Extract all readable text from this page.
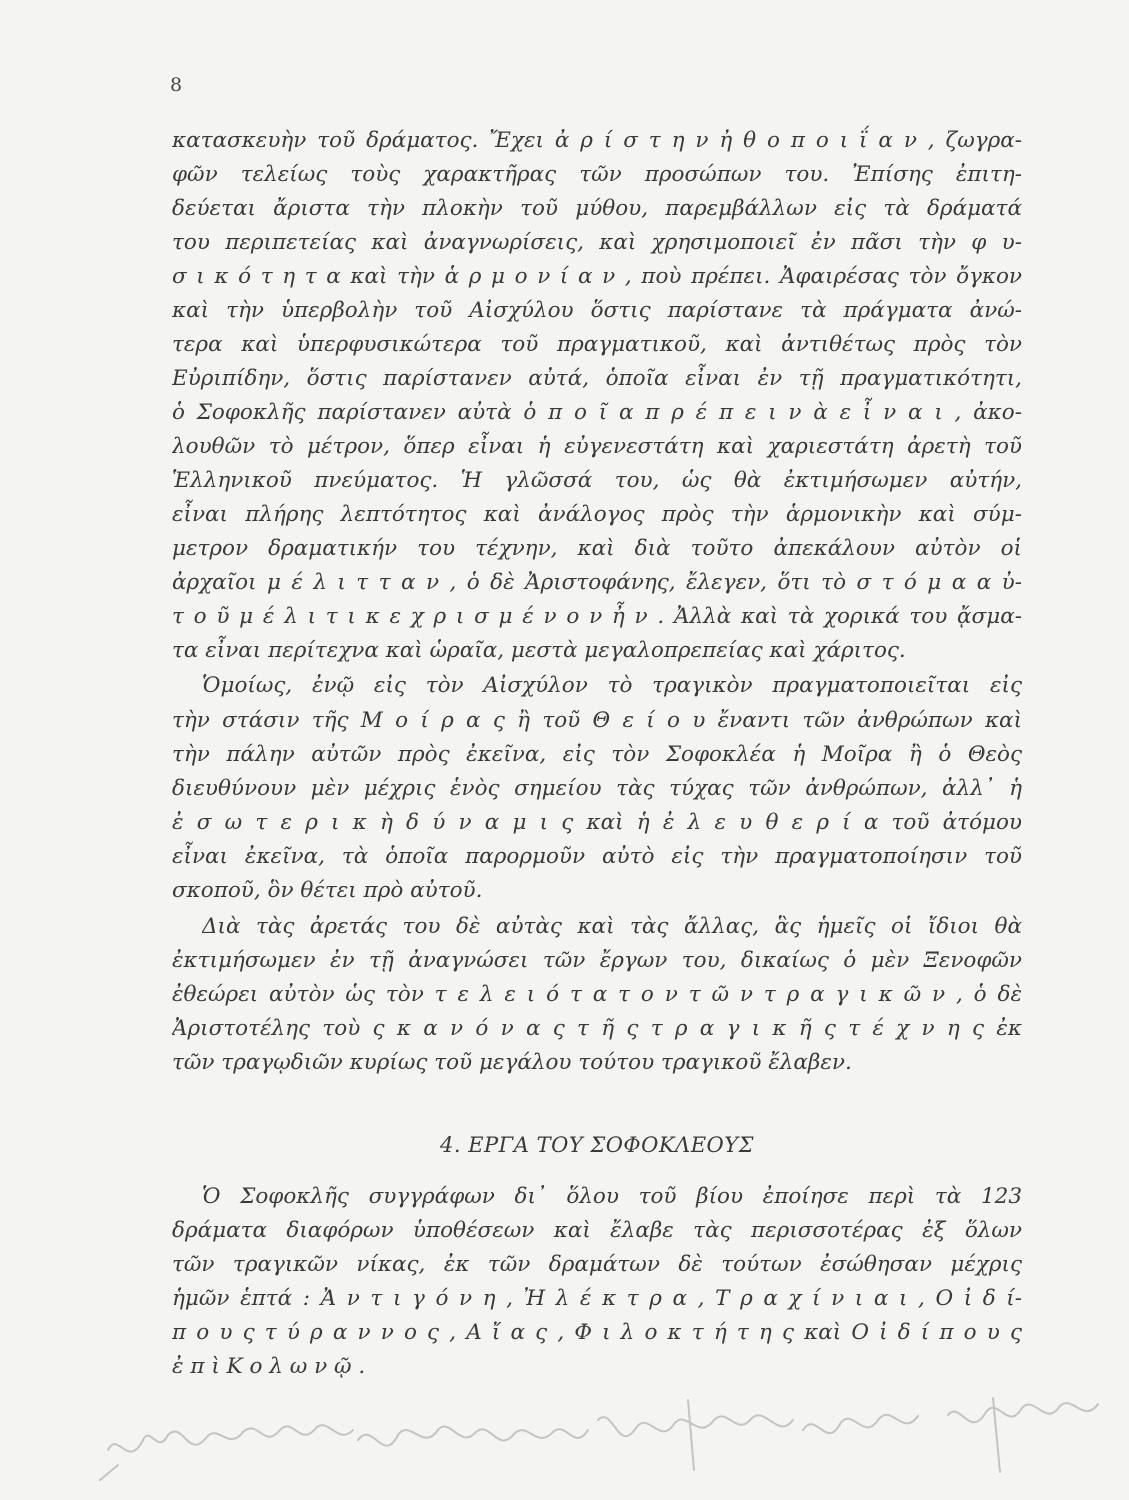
8
κατασκευὴν τοῦ δράματος. Ἔχει ἀ ρ ί σ τ η ν ἠ θ ο π ο ι ΐ α ν , ζωγρα-
φῶν τελείως τοὺς χαρακτῆρας τῶν προσώπων του. Ἐπίσης ἐπιτη-
δεύεται ἄριστα τὴν πλοκὴν τοῦ μύθου, παρεμβάλλων εἰς τὰ δράματά
του περιπετείας καὶ ἀναγνωρίσεις, καὶ χρησιμοποιεῖ ἐν πᾶσι τὴν φ υ-
σ ι κ ό τ η τ α καὶ τὴν ἁ ρ μ ο ν ί α ν , ποὺ πρέπει. Ἀφαιρέσας τὸν ὄγκον
καὶ τὴν ὑπερβολὴν τοῦ Αἰσχύλου ὅστις παρίστανε τὰ πράγματα ἀνώ-
τερα καὶ ὑπερφυσικώτερα τοῦ πραγματικοῦ, καὶ ἀντιθέτως πρὸς τὸν
Εὐριπίδην, ὅστις παρίστανεν αὐτά, ὁποῖα εἶναι ἐν τῇ πραγματικότητι,
ὁ Σοφοκλῆς παρίστανεν αὐτὰ ὁ π ο ῖ α π ρ έ π ε ι ν ὰ ε ἶ ν α ι , ἀκο-
λουθῶν τὸ μέτρον, ὅπερ εἶναι ἡ εὐγενεστάτη καὶ χαριεστάτη ἀρετὴ τοῦ
Ἑλληνικοῦ πνεύματος. Ἡ γλῶσσά του, ὡς θὰ ἐκτιμήσωμεν αὐτήν,
εἶναι πλήρης λεπτότητος καὶ ἀνάλογος πρὸς τὴν ἁρμονικὴν καὶ σύμ-
μετρον δραματικήν του τέχνην, καὶ διὰ τοῦτο ἀπεκάλουν αὐτὸν οἱ
ἀρχαῖοι μ έ λ ι τ τ α ν , ὁ δὲ Ἀριστοφάνης, ἔλεγεν, ὅτι τὸ σ τ ό μ α α ὐ-
τ ο ῦ μ έ λ ι τ ι κ ε χ ρ ι σ μ έ ν ο ν ἦ ν . Ἀλλὰ καὶ τὰ χορικά του ᾄσμα-
τα εἶναι περίτεχνα καὶ ὡραῖα, μεστὰ μεγαλοπρεπείας καὶ χάριτος.
Ὁμοίως, ἐνῷ εἰς τὸν Αἰσχύλον τὸ τραγικὸν πραγματοποιεῖται εἰς
τὴν στάσιν τῆς Μ ο ί ρ α ς ἢ τοῦ Θ ε ί ο υ ἔναντι τῶν ἀνθρώπων καὶ
τὴν πάλην αὐτῶν πρὸς ἐκεῖνα, εἰς τὸν Σοφοκλέα ἡ Μοῖρα ἢ ὁ Θεὸς
διευθύνουν μὲν μέχρις ἑνὸς σημείου τὰς τύχας τῶν ἀνθρώπων, ἀλλ᾽ ἡ
ἐ σ ω τ ε ρ ι κ ὴ δ ύ ν α μ ι ς καὶ ἡ ἐ λ ε υ θ ε ρ ί α τοῦ ἀτόμου
εἶναι ἐκεῖνα, τὰ ὁποῖα παρορμοῦν αὐτὸ εἰς τὴν πραγματοποίησιν τοῦ
σκοποῦ, ὃν θέτει πρὸ αὐτοῦ.
Διὰ τὰς ἀρετάς του δὲ αὐτὰς καὶ τὰς ἄλλας, ἃς ἡμεῖς οἱ ἴδιοι θὰ
ἐκτιμήσωμεν ἐν τῇ ἀναγνώσει τῶν ἔργων του, δικαίως ὁ μὲν Ξενοφῶν
ἐθεώρει αὐτὸν ὡς τὸν τ ε λ ε ι ό τ α τ ο ν τ ῶ ν τ ρ α γ ι κ ῶ ν , ὁ δὲ
Ἀριστοτέλης τοὺ ς κ α ν ό ν α ς τ ῆ ς τ ρ α γ ι κ ῆ ς τ έ χ ν η ς ἐκ
τῶν τραγῳδιῶν κυρίως τοῦ μεγάλου τούτου τραγικοῦ ἔλαβεν.
4. ΕΡΓΑ ΤΟΥ ΣΟΦΟΚΛΕΟΥΣ
Ὁ Σοφοκλῆς συγγράφων δι᾽ ὅλου τοῦ βίου ἐποίησε περὶ τὰ 123
δράματα διαφόρων ὑποθέσεων καὶ ἔλαβε τὰς περισσοτέρας ἐξ ὅλων
τῶν τραγικῶν νίκας, ἐκ τῶν δραμάτων δὲ τούτων ἐσώθησαν μέχρις
ἡμῶν ἑπτά : Ἀ ν τ ι γ ό ν η , Ἠ λ έ κ τ ρ α , Τ ρ α χ ί ν ι α ι , Ο ἰ δ ί-
π ο υ ς τ ύ ρ α ν ν ο ς , Α ἴ α ς , Φ ι λ ο κ τ ή τ η ς καὶ Ο ἰ δ ί π ο υ ς
ἐ π ὶ Κ ο λ ω ν ῷ .
